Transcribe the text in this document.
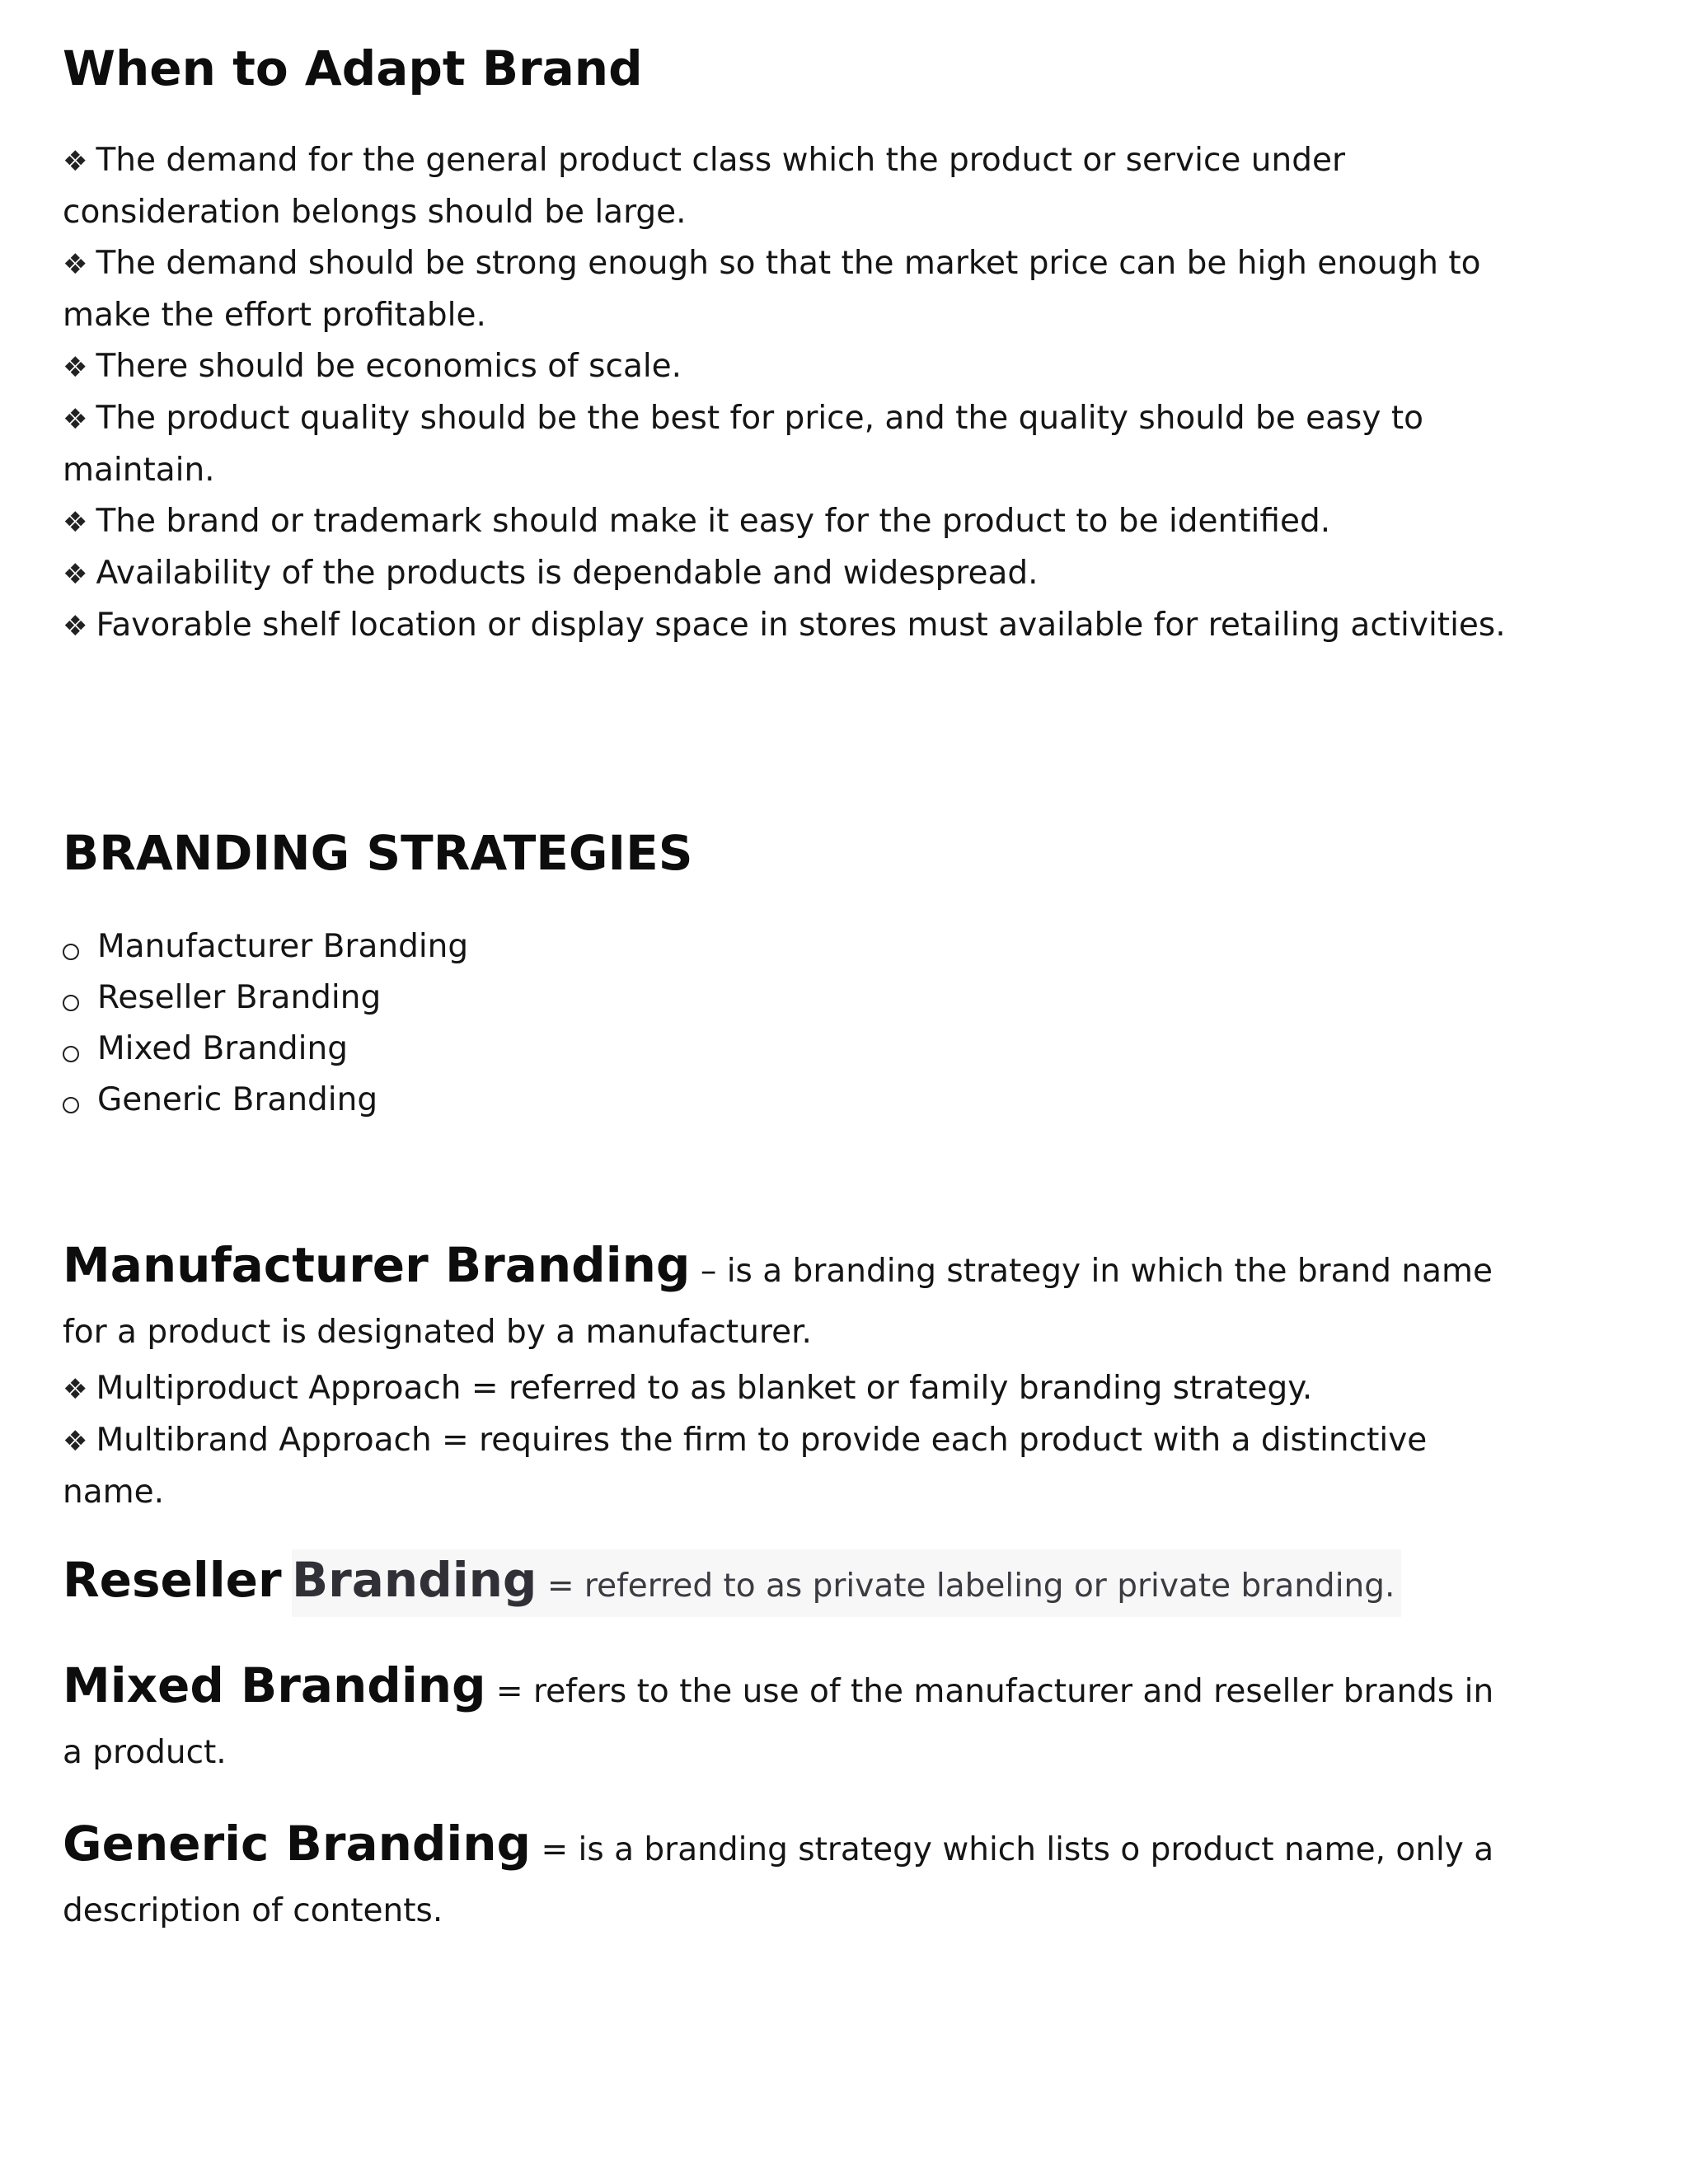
When to Adapt Brand
❖ The demand for the general product class which the product or service under consideration belongs should be large.
❖ The demand should be strong enough so that the market price can be high enough to make the effort profitable.
❖ There should be economics of scale.
❖ The product quality should be the best for price, and the quality should be easy to maintain.
❖ The brand or trademark should make it easy for the product to be identified.
❖ Availability of the products is dependable and widespread.
❖ Favorable shelf location or display space in stores must available for retailing activities.
BRANDING STRATEGIES
Manufacturer Branding
Reseller Branding
Mixed Branding
Generic Branding

Manufacturer Branding – is a branding strategy in which the brand name for a product is designated by a manufacturer.

❖ Multiproduct Approach = referred to as blanket or family branding strategy.
❖ Multibrand Approach = requires the firm to provide each product with a distinctive name.

Reseller Branding = referred to as private labeling or private branding.

Mixed Branding = refers to the use of the manufacturer and reseller brands in a product.

Generic Branding = is a branding strategy which lists o product name, only a description of contents.
